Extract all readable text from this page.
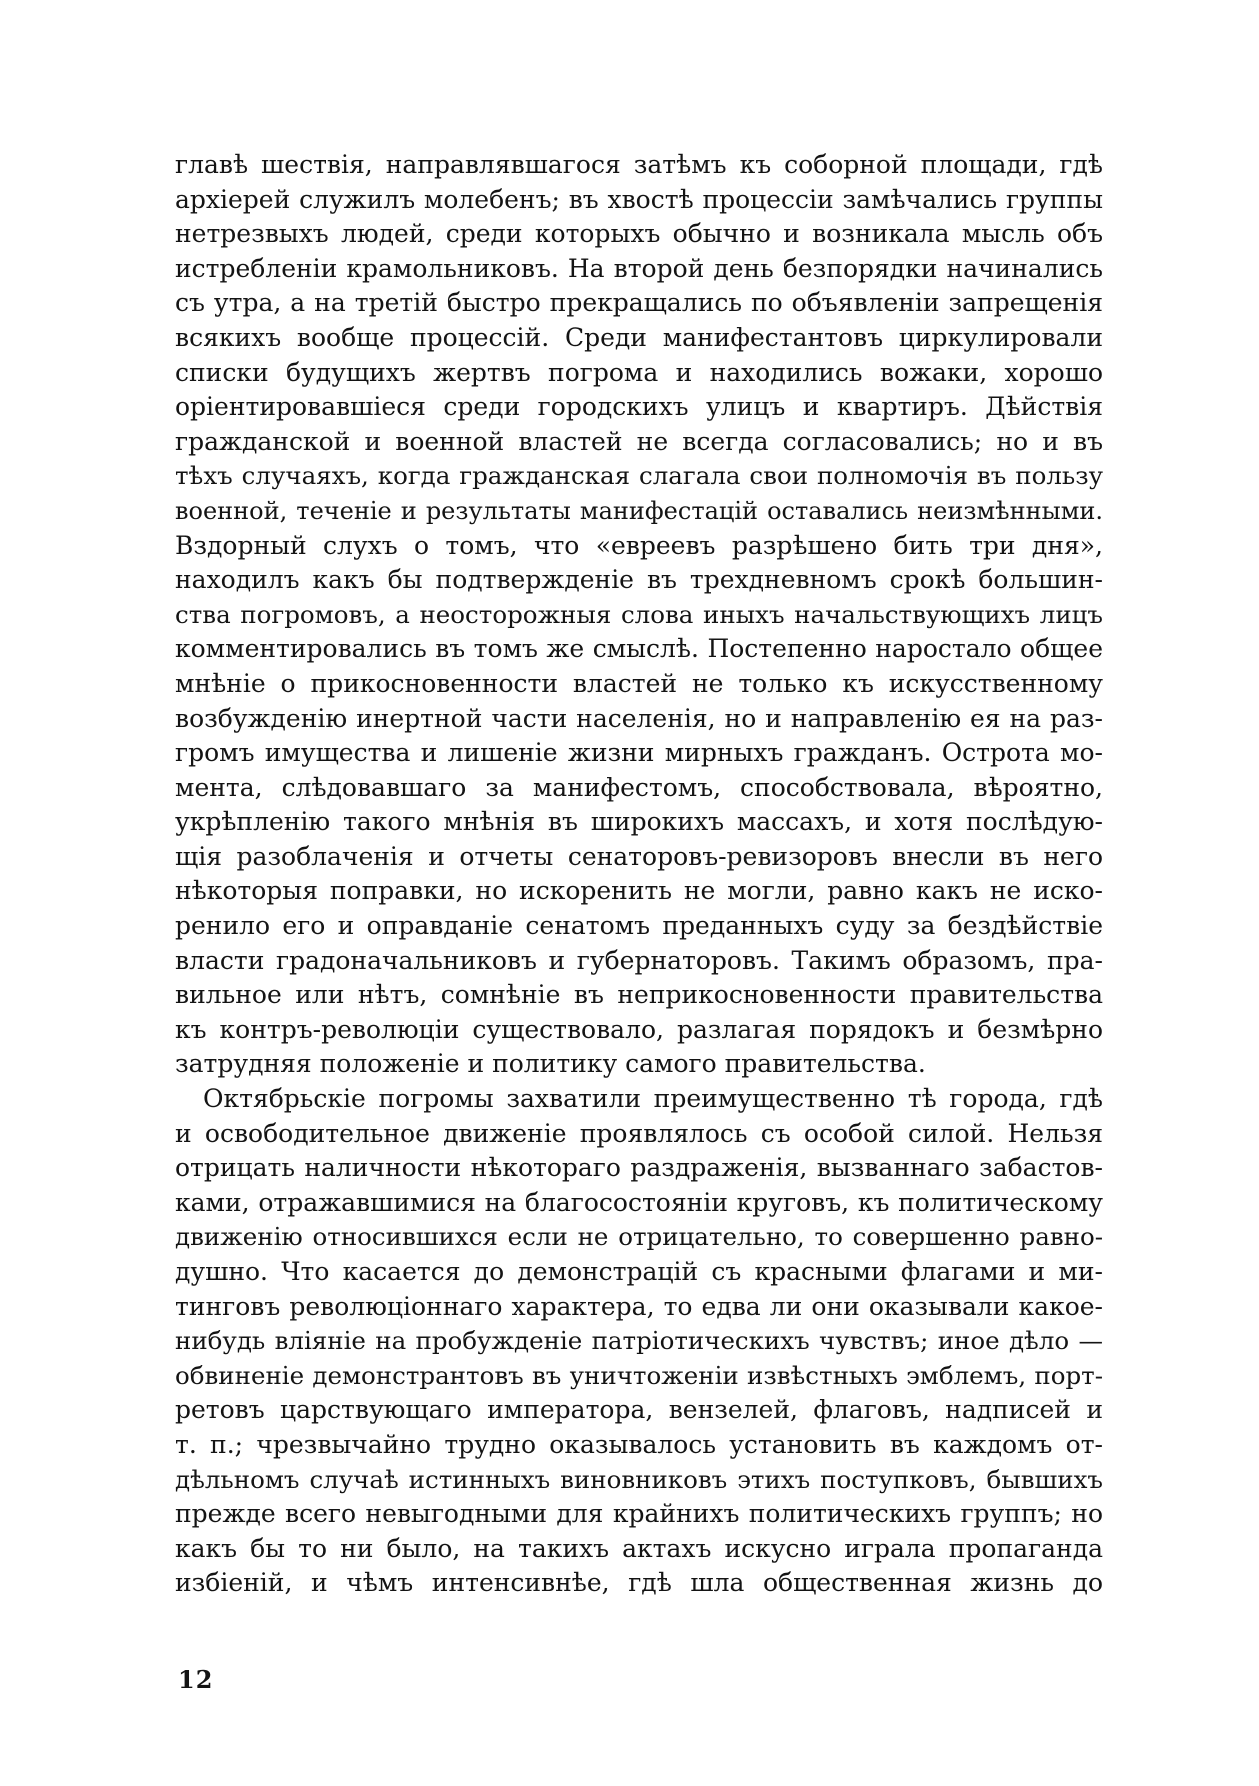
главѣ шествія, направлявшагося затѣмъ къ соборной площади, гдѣ
архіерей служилъ молебенъ; въ хвостѣ процессіи замѣчались группы
нетрезвыхъ людей, среди которыхъ обычно и возникала мысль объ
истребленіи крамольниковъ. На второй день безпорядки начинались
съ утра, а на третій быстро прекращались по объявленіи запрещенія
всякихъ вообще процессій. Среди манифестантовъ циркулировали
списки будущихъ жертвъ погрома и находились вожаки, хорошо
оріентировавшіеся среди городскихъ улицъ и квартиръ. Дѣйствія
гражданской и военной властей не всегда согласовались; но и въ
тѣхъ случаяхъ, когда гражданская слагала свои полномочія въ пользу
военной, теченіе и результаты манифестацій оставались неизмѣнными.
Вздорный слухъ о томъ, что «евреевъ разрѣшено бить три дня»,
находилъ какъ бы подтвержденіе въ трехдневномъ срокѣ большин-
ства погромовъ, а неосторожныя слова иныхъ начальствующихъ лицъ
комментировались въ томъ же смыслѣ. Постепенно наростало общее
мнѣніе о прикосновенности властей не только къ искусственному
возбужденію инертной части населенія, но и направленію ея на раз-
громъ имущества и лишеніе жизни мирныхъ гражданъ. Острота мо-
мента, слѣдовавшаго за манифестомъ, способствовала, вѣроятно,
укрѣпленію такого мнѣнія въ широкихъ массахъ, и хотя послѣдую-
щія разоблаченія и отчеты сенаторовъ-ревизоровъ внесли въ него
нѣкоторыя поправки, но искоренить не могли, равно какъ не иско-
ренило его и оправданіе сенатомъ преданныхъ суду за бездѣйствіе
власти градоначальниковъ и губернаторовъ. Такимъ образомъ, пра-
вильное или нѣтъ, сомнѣніе въ неприкосновенности правительства
къ контръ-революціи существовало, разлагая порядокъ и безмѣрно
затрудняя положеніе и политику самого правительства.
Октябрьскіе погромы захватили преимущественно тѣ города, гдѣ
и освободительное движеніе проявлялось съ особой силой. Нельзя
отрицать наличности нѣкотораго раздраженія, вызваннаго забастов-
ками, отражавшимися на благосостояніи круговъ, къ политическому
движенію относившихся если не отрицательно, то совершенно равно-
душно. Что касается до демонстрацій съ красными флагами и ми-
тинговъ революціоннаго характера, то едва ли они оказывали какое-
нибудь вліяніе на пробужденіе патріотическихъ чувствъ; иное дѣло —
обвиненіе демонстрантовъ въ уничтоженіи извѣстныхъ эмблемъ, порт-
ретовъ царствующаго императора, вензелей, флаговъ, надписей и
т. п.; чрезвычайно трудно оказывалось установить въ каждомъ от-
дѣльномъ случаѣ истинныхъ виновниковъ этихъ поступковъ, бывшихъ
прежде всего невыгодными для крайнихъ политическихъ группъ; но
какъ бы то ни было, на такихъ актахъ искусно играла пропаганда
избіеній, и чѣмъ интенсивнѣе, гдѣ шла общественная жизнь до
12
